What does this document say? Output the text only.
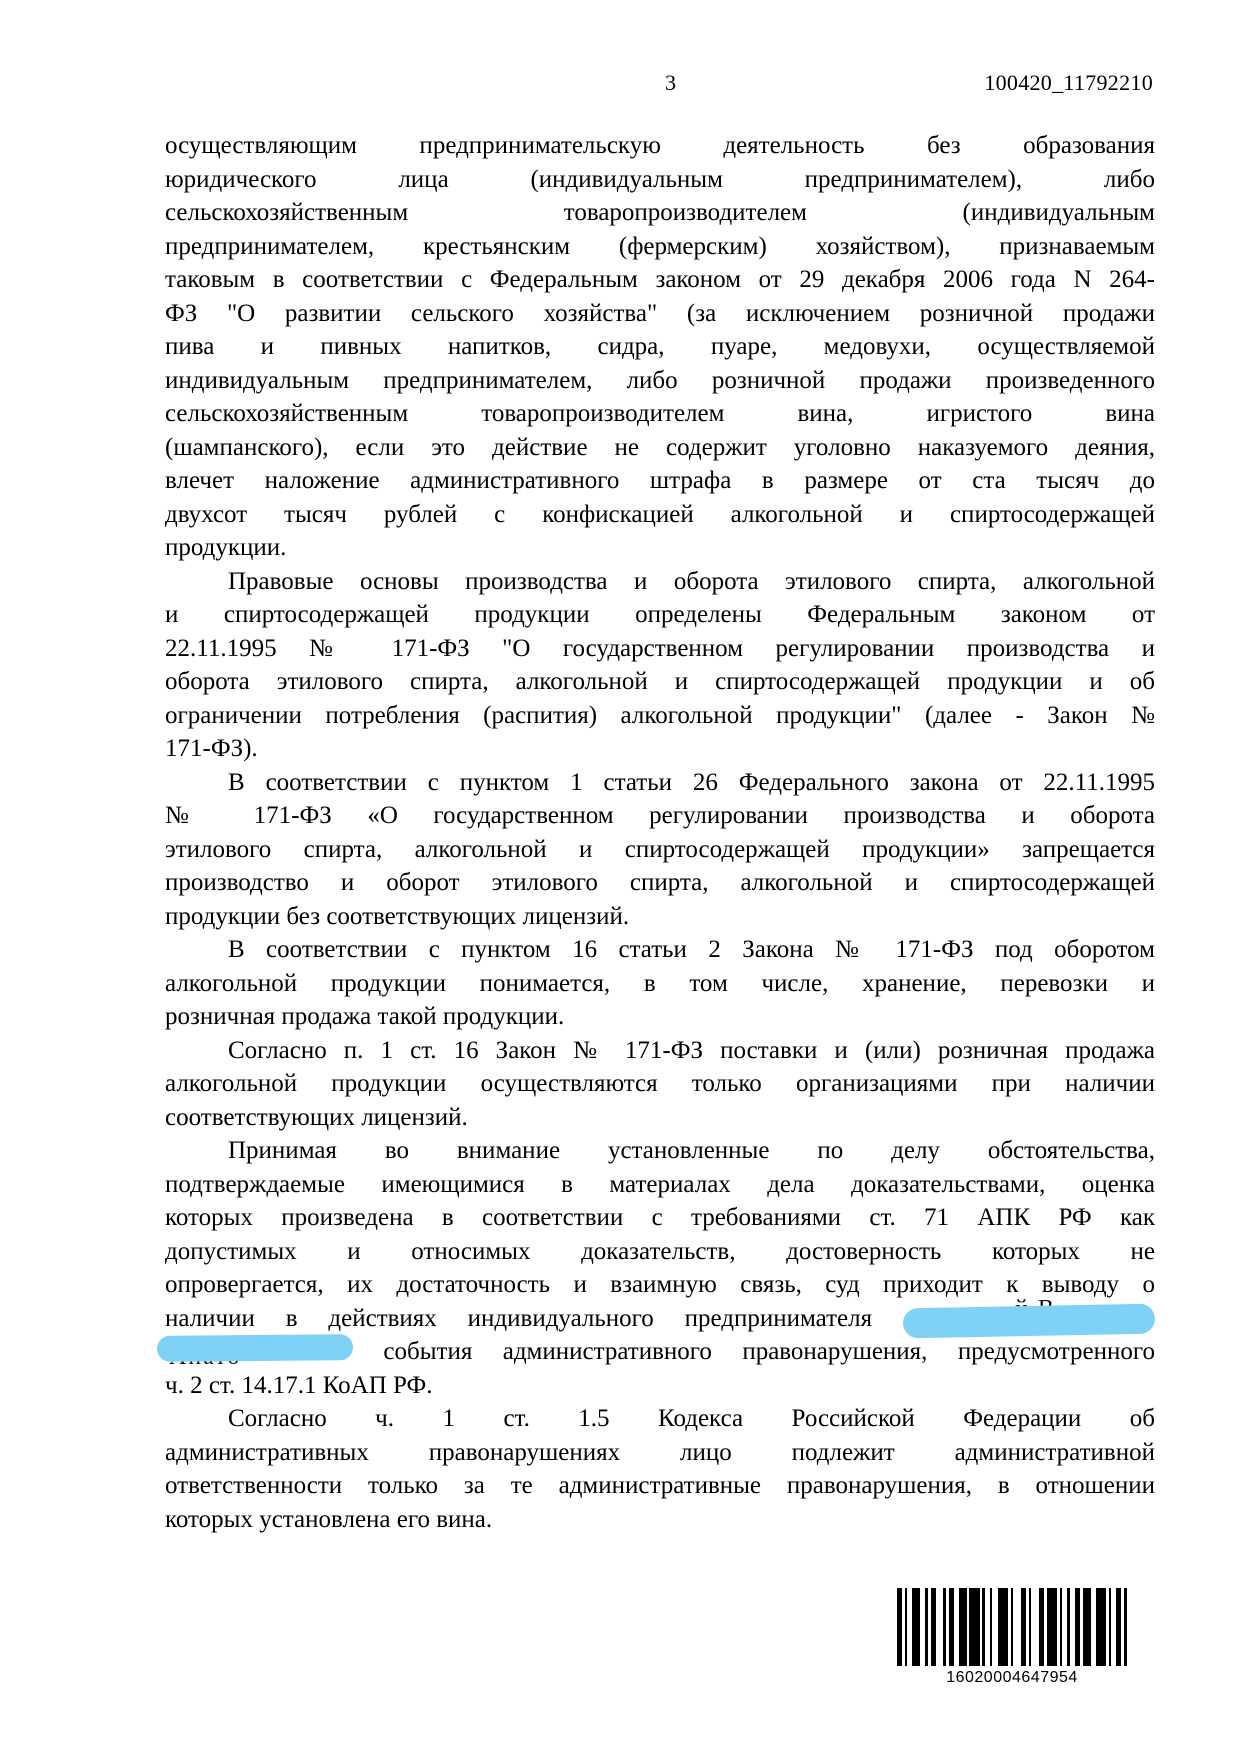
3	100420_11792210
осуществляющим предпринимательскую деятельность без образования
юридического лица (индивидуальным предпринимателем), либо
сельскохозяйственным товаропроизводителем (индивидуальным
предпринимателем, крестьянским (фермерским) хозяйством), признаваемым
таковым в соответствии с Федеральным законом от 29 декабря 2006 года N 264-
ФЗ "О развитии сельского хозяйства" (за исключением розничной продажи
пива и пивных напитков, сидра, пуаре, медовухи, осуществляемой
индивидуальным предпринимателем, либо розничной продажи произведенного
сельскохозяйственным товаропроизводителем вина, игристого вина
(шампанского), если это действие не содержит уголовно наказуемого деяния,
влечет наложение административного штрафа в размере от ста тысяч до
двухсот тысяч рублей с конфискацией алкогольной и спиртосодержащей
продукции.
Правовые основы производства и оборота этилового спирта, алкогольной
и спиртосодержащей продукции определены Федеральным законом от
22.11.1995 № 171-ФЗ "О государственном регулировании производства и
оборота этилового спирта, алкогольной и спиртосодержащей продукции и об
ограничении потребления (распития) алкогольной продукции" (далее - Закон №
171-ФЗ).
В соответствии с пунктом 1 статьи 26 Федерального закона от 22.11.1995
№ 171-ФЗ «О государственном регулировании производства и оборота
этилового спирта, алкогольной и спиртосодержащей продукции» запрещается
производство и оборот этилового спирта, алкогольной и спиртосодержащей
продукции без соответствующих лицензий.
В соответствии с пунктом 16 статьи 2 Закона № 171-ФЗ под оборотом
алкогольной продукции понимается, в том числе, хранение, перевозки и
розничная продажа такой продукции.
Согласно п. 1 ст. 16 Закон № 171-ФЗ поставки и (или) розничная продажа
алкогольной продукции осуществляются только организациями при наличии
соответствующих лицензий.
Принимая во внимание установленные по делу обстоятельства,
подтверждаемые имеющимися в материалах дела доказательствами, оценка
которых произведена в соответствии с требованиями ст. 71 АПК РФ как
допустимых и относимых доказательств, достоверность которых не
опровергается, их достаточность и взаимную связь, суд приходит к выводу о
наличии в действиях индивидуального предпринимателя
события административного правонарушения, предусмотренного
ч. 2 ст. 14.17.1 КоАП РФ.
Согласно ч. 1 ст. 1.5 Кодекса Российской Федерации об
административных правонарушениях лицо подлежит административной
ответственности только за те административные правонарушения, в отношении
которых установлена его вина.
16020004647954
